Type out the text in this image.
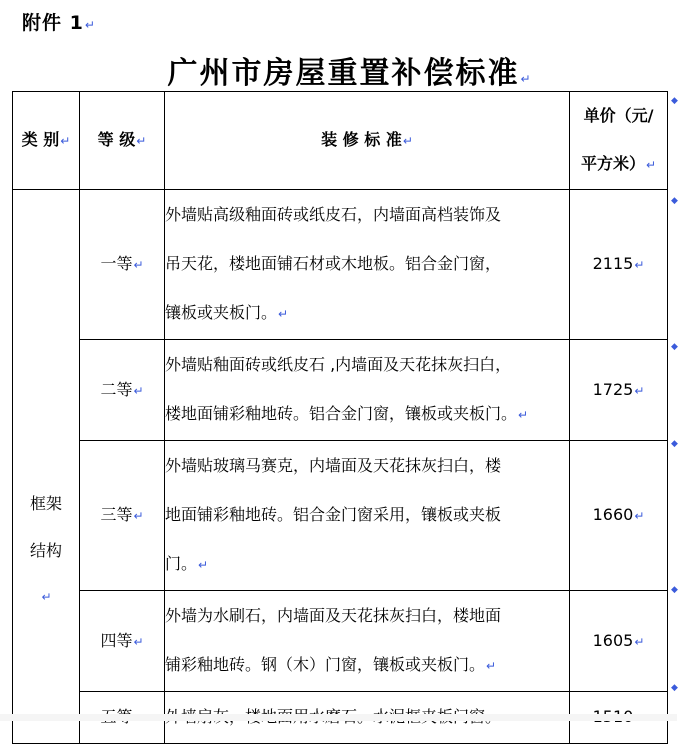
附件 1↵
广州市房屋重置补偿标准↵
类 别↵	等 级↵	装 修 标 准↵	单价（元/
平方米）↵

框架
结构
↵	一等↵	外墙贴高级釉面砖或纸皮石，内墙面高档装饰及
吊天花，楼地面铺石材或木地板。铝合金门窗，
镶板或夹板门。↵	2115↵
	二等↵	外墙贴釉面砖或纸皮石 ,内墙面及天花抹灰扫白，
楼地面铺彩釉地砖。铝合金门窗，镶板或夹板门。↵	1725↵
	三等↵	外墙贴玻璃马赛克，内墙面及天花抹灰扫白，楼
地面铺彩釉地砖。铝合金门窗采用，镶板或夹板
门。↵	1660↵
	四等↵	外墙为水刷石，内墙面及天花抹灰扫白，楼地面
铺彩釉地砖。钢（木）门窗，镶板或夹板门。↵	1605↵

◆
◆
◆
◆
◆
◆
